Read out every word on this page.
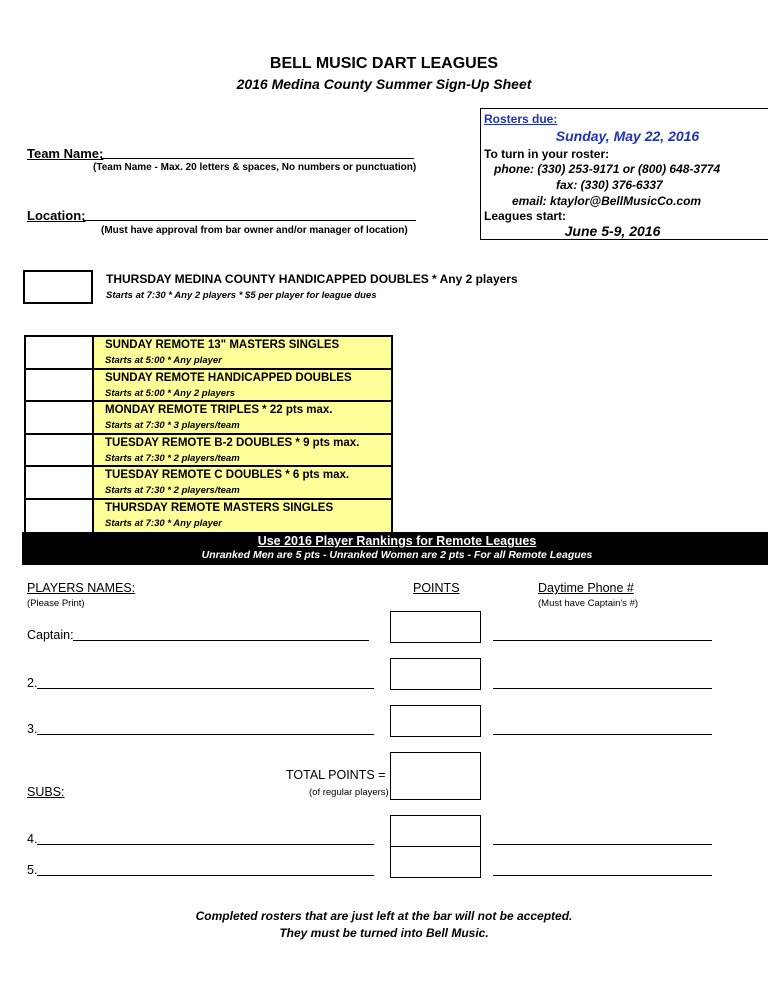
BELL MUSIC DART LEAGUES
2016 Medina County Summer Sign-Up Sheet
Team Name:
(Team Name - Max. 20 letters & spaces, No numbers or punctuation)
Location:
(Must have approval from bar owner and/or manager of location)
Rosters due:
Sunday, May 22, 2016
To turn in your roster:
phone: (330) 253-9171 or (800) 648-3774
fax: (330) 376-6337
email: ktaylor@BellMusicCo.com
Leagues start:
June 5-9, 2016
THURSDAY MEDINA COUNTY HANDICAPPED DOUBLES * Any 2 players
Starts at 7:30 * Any 2 players * $5 per player for league dues
SUNDAY REMOTE 13" MASTERS SINGLES
Starts at 5:00 * Any player
SUNDAY REMOTE HANDICAPPED DOUBLES
Starts at 5:00 * Any 2 players
MONDAY REMOTE TRIPLES * 22 pts max.
Starts at 7:30 * 3 players/team
TUESDAY REMOTE B-2 DOUBLES * 9 pts max.
Starts at 7:30 * 2 players/team
TUESDAY REMOTE C DOUBLES * 6 pts max.
Starts at 7:30 * 2 players/team
THURSDAY REMOTE MASTERS SINGLES
Starts at 7:30 * Any player
Use 2016 Player Rankings for Remote Leagues
Unranked Men are 5 pts - Unranked Women are 2 pts - For all Remote Leagues
PLAYERS NAMES:
(Please Print)
POINTS	Daytime Phone #
(Must have Captain's #)
Captain:
2.
3.
TOTAL POINTS =
(of regular players)
SUBS:
4.
5.
Completed rosters that are just left at the bar will not be accepted.
They must be turned into Bell Music.
